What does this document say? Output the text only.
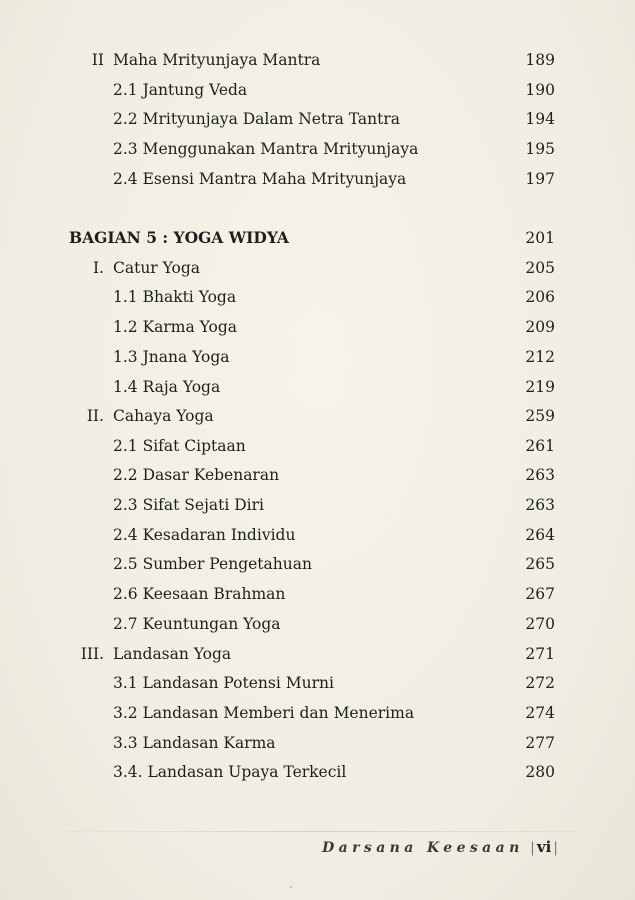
II Maha Mrityunjaya Mantra	189
2.1 Jantung Veda	190
2.2 Mrityunjaya Dalam Netra Tantra	194
2.3 Menggunakan Mantra Mrityunjaya	195
2.4 Esensi Mantra Maha Mrityunjaya	197
BAGIAN 5 : YOGA WIDYA	201
I. Catur Yoga	205
1.1 Bhakti Yoga	206
1.2 Karma Yoga	209
1.3 Jnana Yoga	212
1.4 Raja Yoga	219
II. Cahaya Yoga	259
2.1 Sifat Ciptaan	261
2.2 Dasar Kebenaran	263
2.3 Sifat Sejati Diri	263
2.4 Kesadaran Individu	264
2.5 Sumber Pengetahuan	265
2.6 Keesaan Brahman	267
2.7 Keuntungan Yoga	270
III. Landasan Yoga	271
3.1 Landasan Potensi Murni	272
3.2 Landasan Memberi dan Menerima	274
3.3 Landasan Karma	277
3.4. Landasan Upaya Terkecil	280
Darsana Keesaan | vi |
